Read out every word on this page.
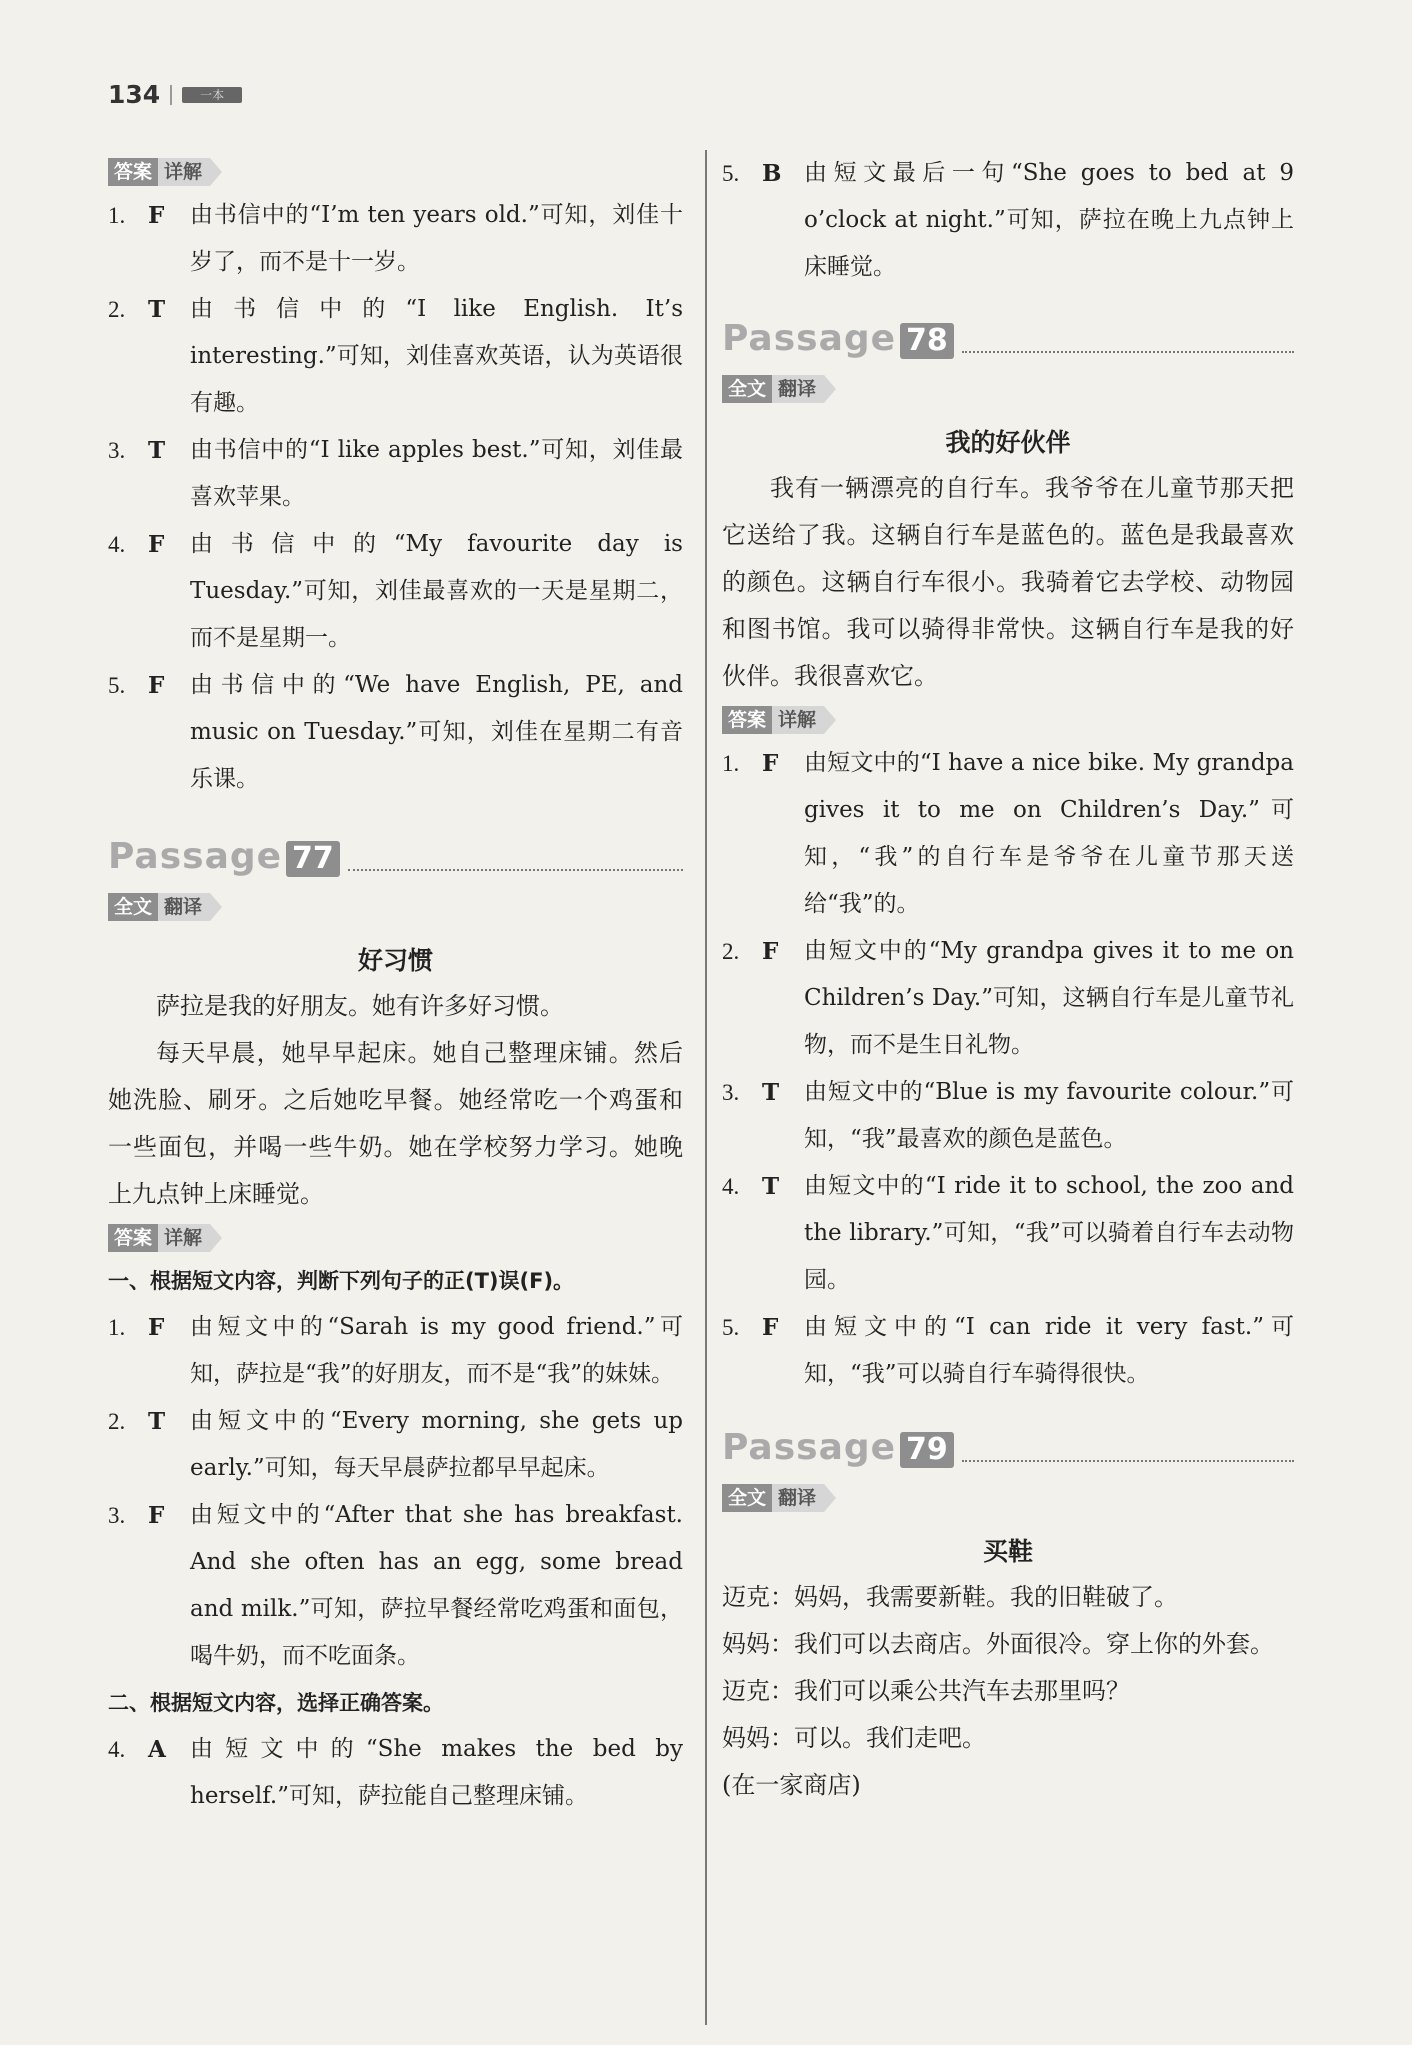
134	一本
答案 详解
1. F	由书信中的“I’m ten years old.”可知，刘佳十岁了，而不是十一岁。
2. T	由书信中的“I like English. It’s interesting.”可知，刘佳喜欢英语，认为英语很有趣。
3. T	由书信中的“I like apples best.”可知，刘佳最喜欢苹果。
4. F	由书信中的“My favourite day is Tuesday.”可知，刘佳最喜欢的一天是星期二，而不是星期一。
5. F	由书信中的“We have English, PE, and music on Tuesday.”可知，刘佳在星期二有音乐课。
Passage 77
全文 翻译
好习惯

萨拉是我的好朋友。她有许多好习惯。

每天早晨，她早早起床。她自己整理床铺。然后她洗脸、刷牙。之后她吃早餐。她经常吃一个鸡蛋和一些面包，并喝一些牛奶。她在学校努力学习。她晚上九点钟上床睡觉。

答案 详解

一、根据短文内容，判断下列句子的正(T)误(F)。

1. F	由短文中的“Sarah is my good friend.”可知，萨拉是“我”的好朋友，而不是“我”的妹妹。
2. T	由短文中的“Every morning, she gets up early.”可知，每天早晨萨拉都早早起床。
3. F	由短文中的“After that she has breakfast. And she often has an egg, some bread and milk.”可知，萨拉早餐经常吃鸡蛋和面包，喝牛奶，而不吃面条。

二、根据短文内容，选择正确答案。

4. A	由短文中的“She makes the bed by herself.”可知，萨拉能自己整理床铺。
5. B 由短文最后一句“She goes to bed at 9 o’clock at night.”可知，萨拉在晚上九点钟上床睡觉。
Passage 78
全文 翻译
我的好伙伴

我有一辆漂亮的自行车。我爷爷在儿童节那天把它送给了我。这辆自行车是蓝色的。蓝色是我最喜欢的颜色。这辆自行车很小。我骑着它去学校、动物园和图书馆。我可以骑得非常快。这辆自行车是我的好伙伴。我很喜欢它。

答案 详解
1. F	由短文中的“I have a nice bike. My grandpa gives it to me on Children’s Day.”可知，“我”的自行车是爷爷在儿童节那天送给“我”的。
2. F	由短文中的“My grandpa gives it to me on Children’s Day.”可知，这辆自行车是儿童节礼物，而不是生日礼物。
3. T	由短文中的“Blue is my favourite colour.”可知，“我”最喜欢的颜色是蓝色。
4. T	由短文中的“I ride it to school, the zoo and the library.”可知，“我”可以骑着自行车去动物园。
5. F	由短文中的“I can ride it very fast.”可知，“我”可以骑自行车骑得很快。
Passage 79
全文 翻译
买鞋
迈克： 妈妈，我需要新鞋。我的旧鞋破了。
妈妈： 我们可以去商店。外面很冷。穿上你的外套。
迈克： 我们可以乘公共汽车去那里吗？
妈妈： 可以。我们走吧。

(在一家商店)
